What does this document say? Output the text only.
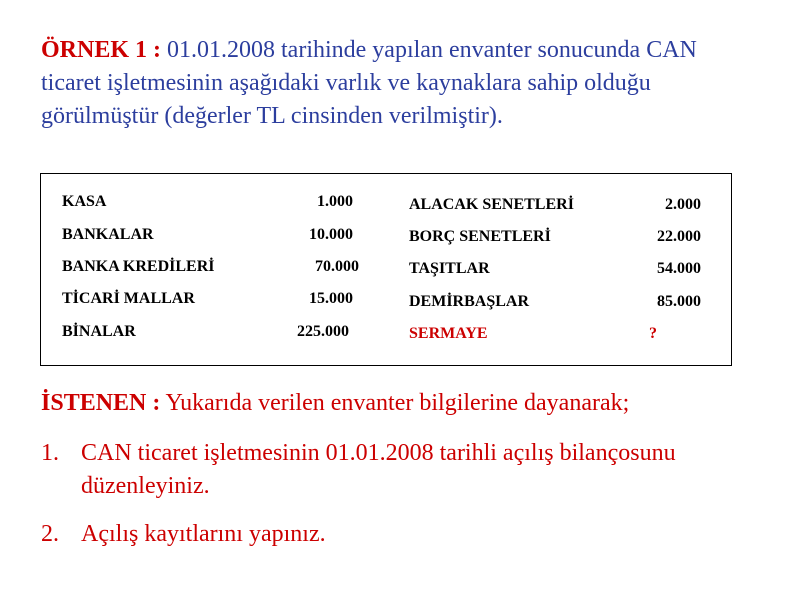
ÖRNEK 1 : 01.01.2008 tarihinde yapılan envanter sonucunda CAN ticaret işletmesinin aşağıdaki varlık ve kaynaklara sahip olduğu görülmüştür (değerler TL cinsinden verilmiştir).

KASA	1.000
BANKALAR	10.000
BANKA KREDİLERİ	70.000
TİCARİ MALLAR	15.000
BİNALAR	225.000
ALACAK SENETLERİ	2.000
BORÇ SENETLERİ	22.000
TAŞITLAR	54.000
DEMİRBAŞLAR	85.000
SERMAYE	?

İSTENEN : Yukarıda verilen envanter bilgilerine dayanarak;

1. CAN ticaret işletmesinin 01.01.2008 tarihli açılış bilançosunu düzenleyiniz.
2. Açılış kayıtlarını yapınız.
